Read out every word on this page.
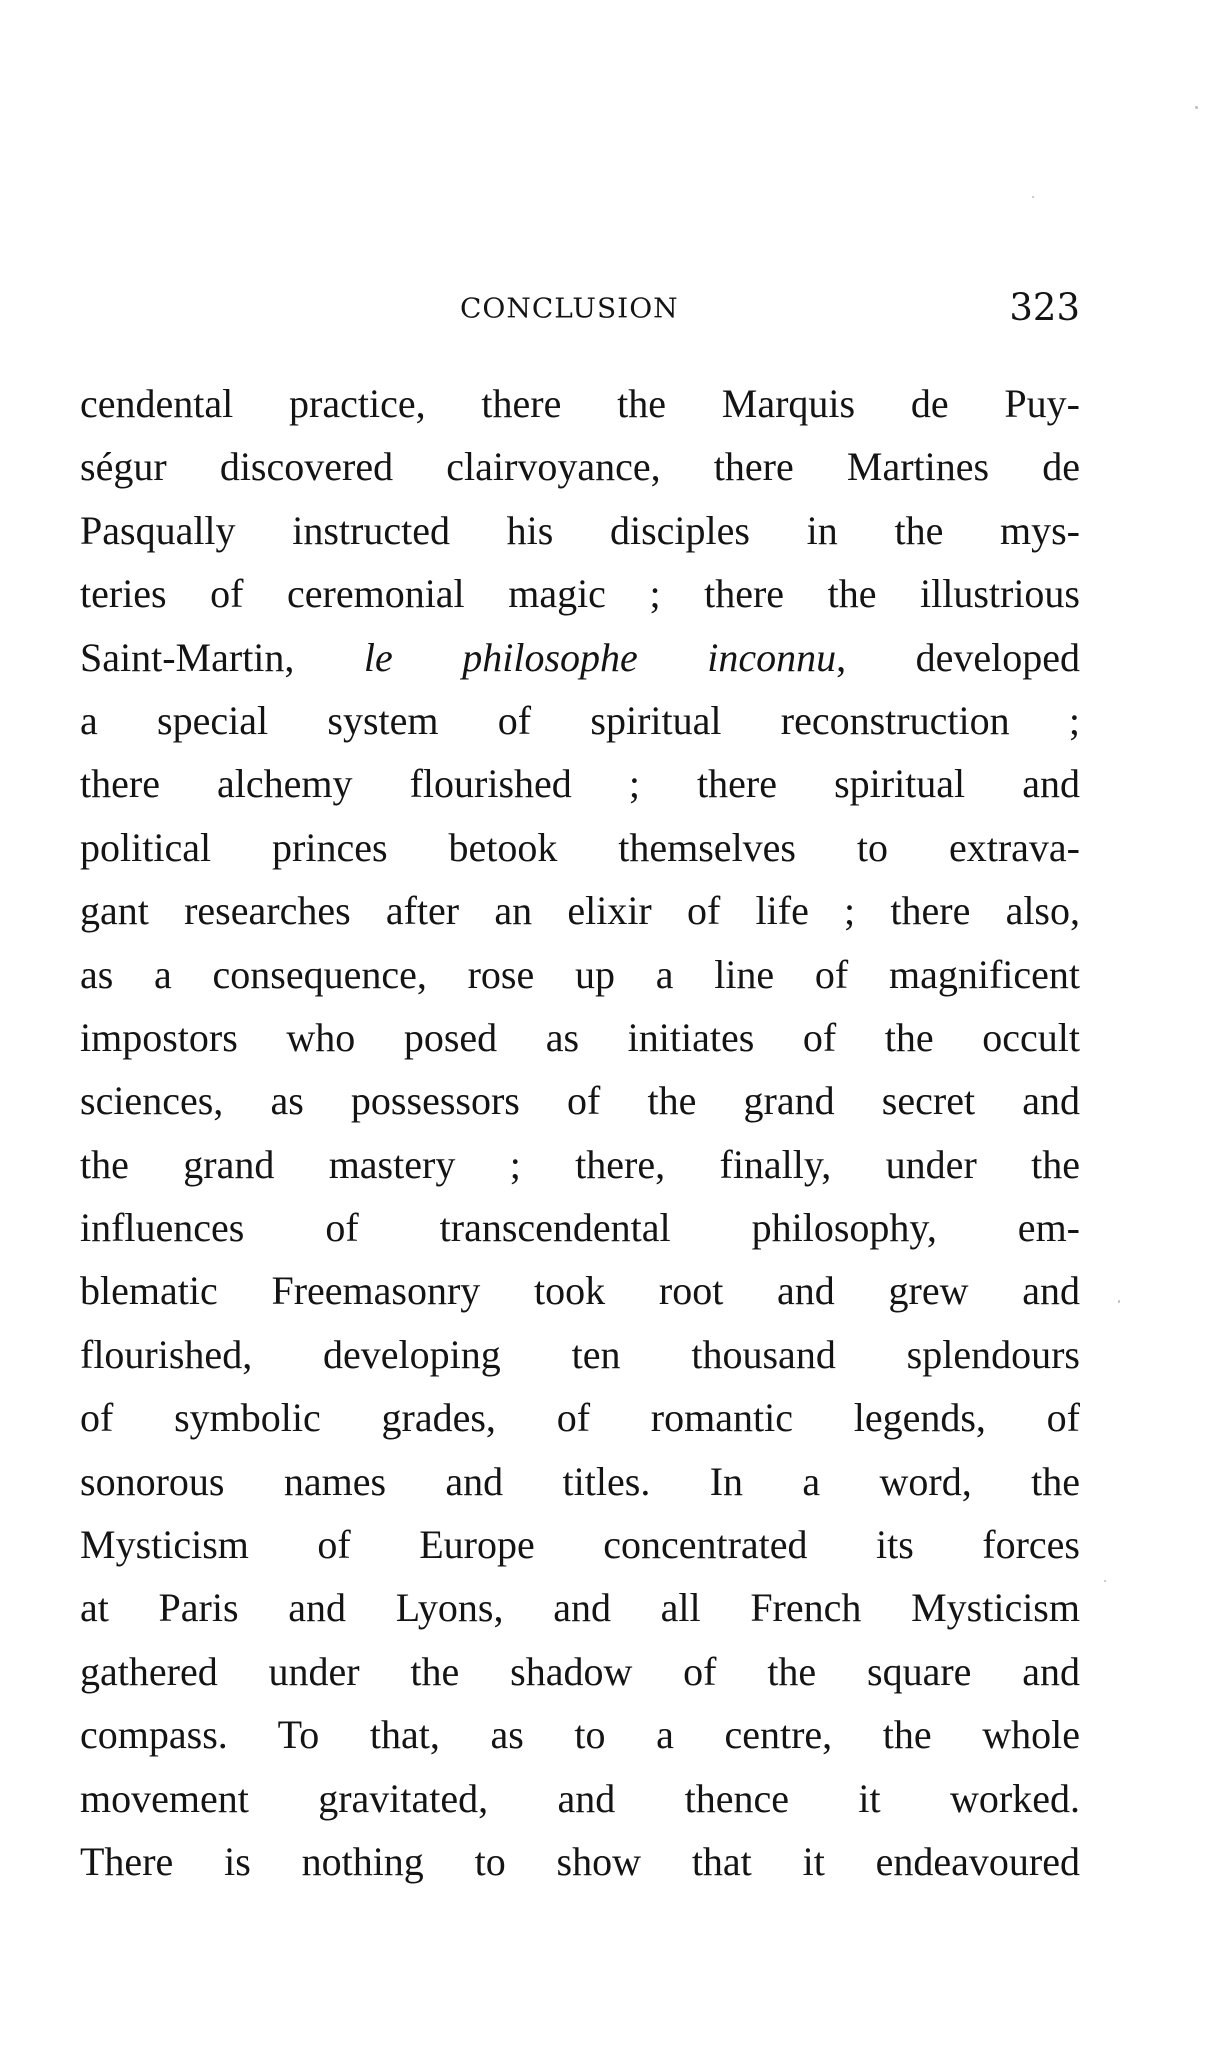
CONCLUSION	323
cendental practice, there the Marquis de Puy-
ségur discovered clairvoyance, there Martines de
Pasqually instructed his disciples in the mys-
teries of ceremonial magic ; there the illustrious
Saint-Martin, le philosophe inconnu, developed
a special system of spiritual reconstruction ;
there alchemy flourished ; there spiritual and
political princes betook themselves to extrava-
gant researches after an elixir of life ; there also,
as a consequence, rose up a line of magnificent
impostors who posed as initiates of the occult
sciences, as possessors of the grand secret and
the grand mastery ; there, finally, under the
influences of transcendental philosophy, em-
blematic Freemasonry took root and grew and
flourished, developing ten thousand splendours
of symbolic grades, of romantic legends, of
sonorous names and titles. In a word, the
Mysticism of Europe concentrated its forces
at Paris and Lyons, and all French Mysticism
gathered under the shadow of the square and
compass. To that, as to a centre, the whole
movement gravitated, and thence it worked.
There is nothing to show that it endeavoured
